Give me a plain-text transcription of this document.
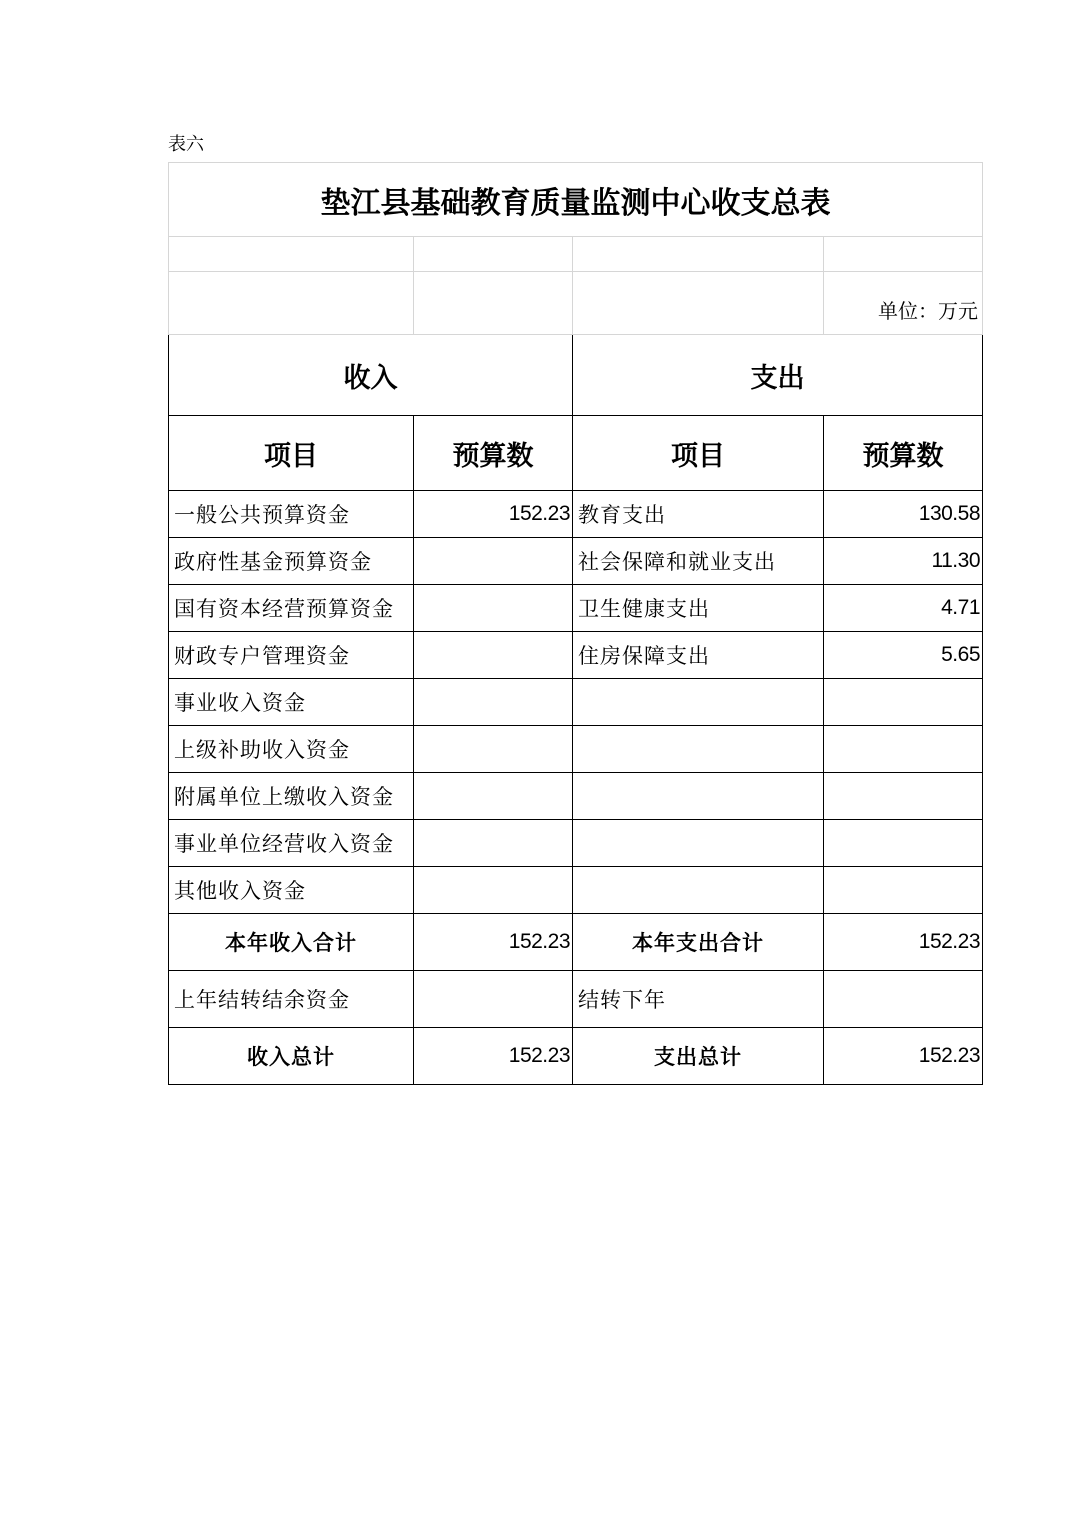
表六
垫江县基础教育质量监测中心收支总表			

			单位：万元
收入		支出	
项目	预算数	项目	预算数
一般公共预算资金	152.23	教育支出	130.58
政府性基金预算资金		社会保障和就业支出	11.30
国有资本经营预算资金		卫生健康支出	4.71
财政专户管理资金		住房保障支出	5.65
事业收入资金			
上级补助收入资金			
附属单位上缴收入资金			
事业单位经营收入资金			
其他收入资金			
本年收入合计	152.23	本年支出合计	152.23
上年结转结余资金		结转下年	
收入总计	152.23	支出总计	152.23
